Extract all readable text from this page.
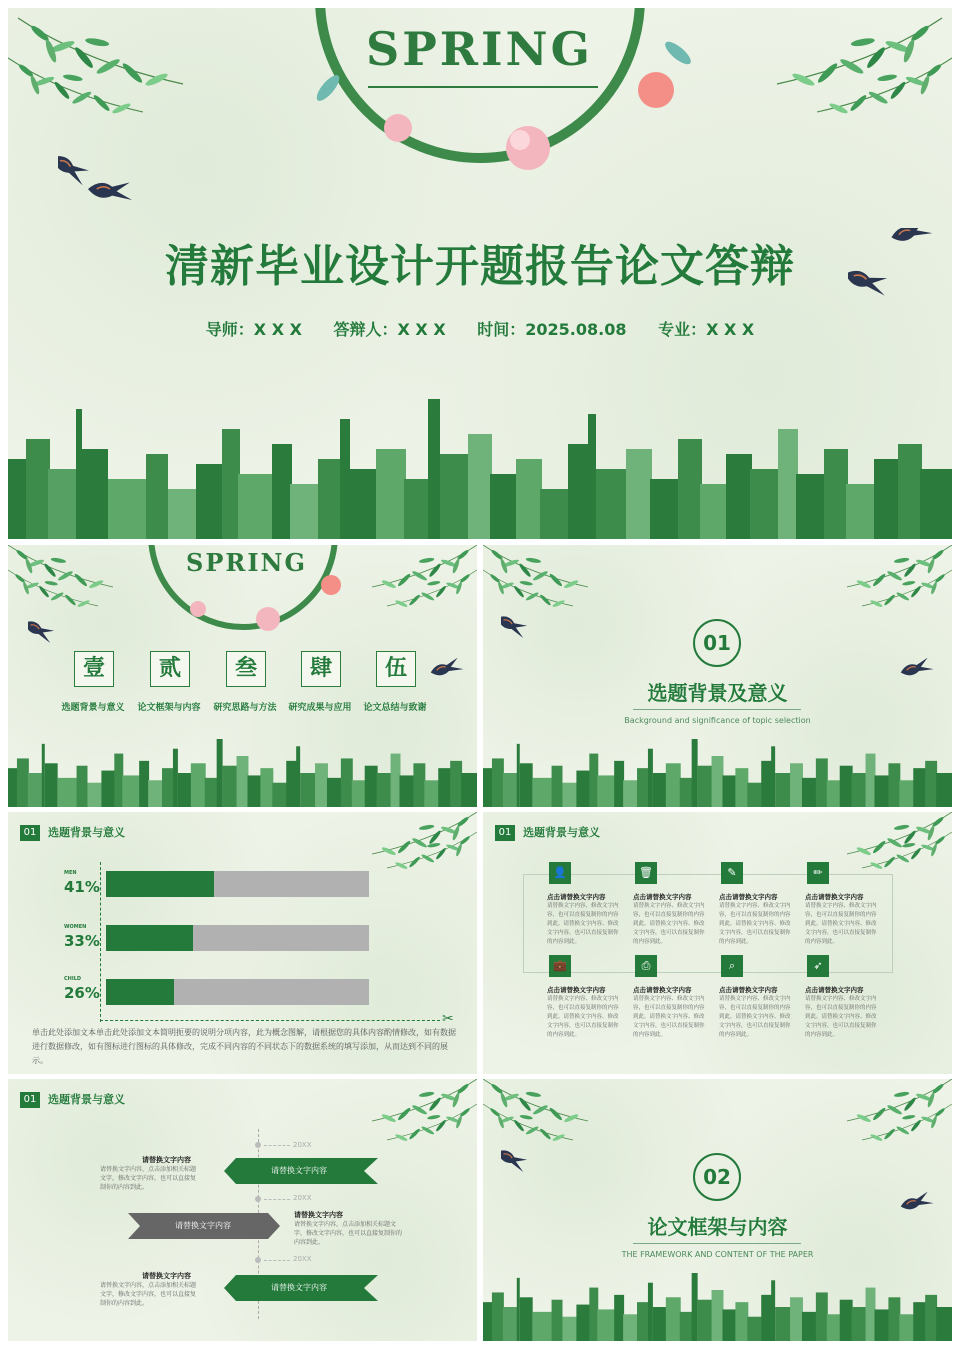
SPRING
清新毕业设计开题报告论文答辩
导师：X X X 答辩人：X X X 时间：2025.08.08 专业：X X X
SPRING
壹	贰	叁	肆	伍
选题背景与意义	论文框架与内容	研究思路与方法	研究成果与应用	论文总结与致谢
01
选题背景及意义
Background and significance of topic selection
01	选题背景与意义
MEN
41%
WOMEN
33%
CHILD
26%
✂
单击此处添加文本单击此处添加文本简明扼要的说明分项内容，此为概念图解，请根据您的具体内容酌情修改，如有数据进行数据修改，如有图标进行图标的具体修改，完成不同内容的不同状态下的数据系统的填写添加，从而达到不同的展示。
01	选题背景与意义
👤
点击请替换文字内容
请替换文字内容、修改文字内容，也可以直接复制你的内容到此。请替换文字内容、修改文字内容，也可以直接复制你的内容到此。
🗑
点击请替换文字内容
请替换文字内容、修改文字内容，也可以直接复制你的内容到此。请替换文字内容、修改文字内容，也可以直接复制你的内容到此。
✎
点击请替换文字内容
请替换文字内容、修改文字内容，也可以直接复制你的内容到此。请替换文字内容、修改文字内容，也可以直接复制你的内容到此。
✏
点击请替换文字内容
请替换文字内容、修改文字内容，也可以直接复制你的内容到此。请替换文字内容、修改文字内容，也可以直接复制你的内容到此。
💼
点击请替换文字内容
请替换文字内容、修改文字内容，也可以直接复制你的内容到此。请替换文字内容、修改文字内容，也可以直接复制你的内容到此。
⎙
点击请替换文字内容
请替换文字内容、修改文字内容，也可以直接复制你的内容到此。请替换文字内容、修改文字内容，也可以直接复制你的内容到此。
⌕
点击请替换文字内容
请替换文字内容、修改文字内容，也可以直接复制你的内容到此。请替换文字内容、修改文字内容，也可以直接复制你的内容到此。
➶
点击请替换文字内容
请替换文字内容、修改文字内容，也可以直接复制你的内容到此。请替换文字内容、修改文字内容，也可以直接复制你的内容到此。
01	选题背景与意义
20XX
20XX
20XX
请替换文字内容
请替换文字内容
请替换文字内容
请替换文字内容
请替换文字内容，点击添加相关标题文字，修改文字内容，也可以直接复制你的内容到此。
请替换文字内容
请替换文字内容，点击添加相关标题文字，修改文字内容，也可以直接复制你的内容到此。
请替换文字内容
请替换文字内容，点击添加相关标题文字，修改文字内容，也可以直接复制你的内容到此。
02
论文框架与内容
THE FRAMEWORK AND CONTENT OF THE PAPER
